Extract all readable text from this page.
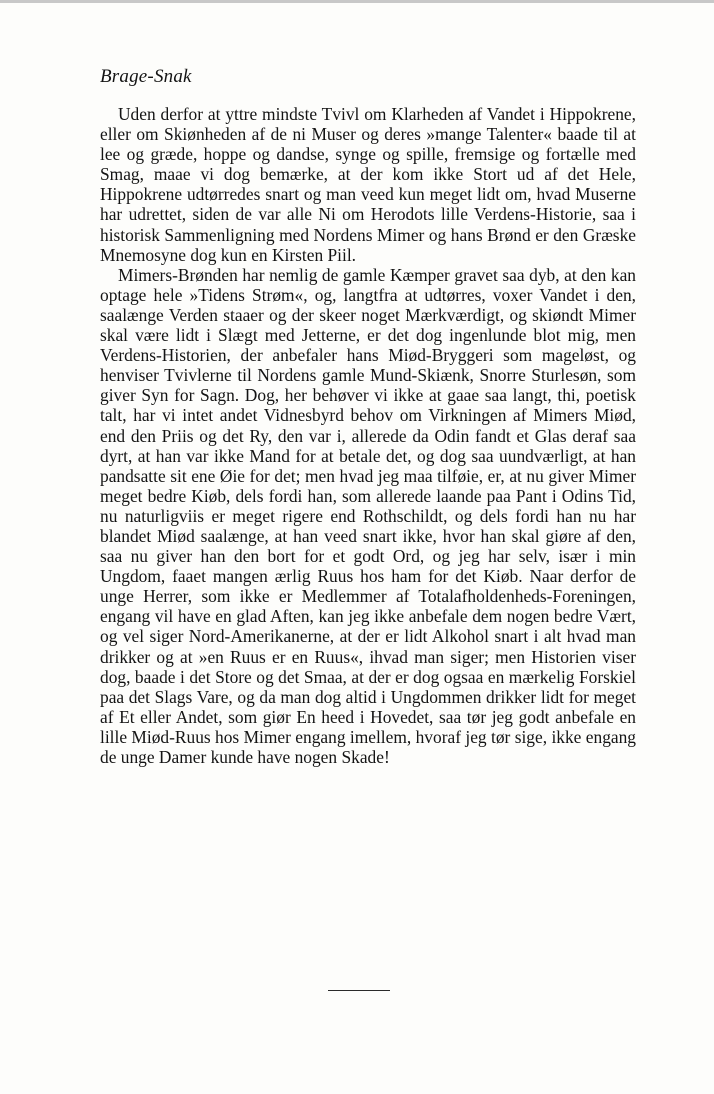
Brage-Snak

Uden derfor at yttre mindste Tvivl om Klarheden af Vandet i Hippokrene, eller om Skiønheden af de ni Muser og deres »mange Talenter« baade til at lee og græde, hoppe og dandse, synge og spille, fremsige og fortælle med Smag, maae vi dog bemærke, at der kom ikke Stort ud af det Hele, Hippokrene udtørredes snart og man veed kun meget lidt om, hvad Muserne har udrettet, siden de var alle Ni om Herodots lille Verdens-Historie, saa i historisk Sammenligning med Nordens Mimer og hans Brønd er den Græske Mnemosyne dog kun en Kirsten Piil.

Mimers-Brønden har nemlig de gamle Kæmper gravet saa dyb, at den kan optage hele »Tidens Strøm«, og, langtfra at udtørres, voxer Vandet i den, saalænge Verden staaer og der skeer noget Mærkværdigt, og skiøndt Mimer skal være lidt i Slægt med Jetterne, er det dog ingenlunde blot mig, men Verdens-Historien, der anbefaler hans Miød-Bryggeri som mageløst, og henviser Tvivlerne til Nordens gamle Mund-Skiænk, Snorre Sturlesøn, som giver Syn for Sagn. Dog, her behøver vi ikke at gaae saa langt, thi, poetisk talt, har vi intet andet Vidnesbyrd behov om Virkningen af Mimers Miød, end den Priis og det Ry, den var i, allerede da Odin fandt et Glas deraf saa dyrt, at han var ikke Mand for at betale det, og dog saa uundværligt, at han pandsatte sit ene Øie for det; men hvad jeg maa tilføie, er, at nu giver Mimer meget bedre Kiøb, dels fordi han, som allerede laande paa Pant i Odins Tid, nu naturligviis er meget rigere end Rothschildt, og dels fordi han nu har blandet Miød saalænge, at han veed snart ikke, hvor han skal giøre af den, saa nu giver han den bort for et godt Ord, og jeg har selv, især i min Ungdom, faaet mangen ærlig Ruus hos ham for det Kiøb. Naar derfor de unge Herrer, som ikke er Medlemmer af Totalafholdenheds-Foreningen, engang vil have en glad Aften, kan jeg ikke anbefale dem nogen bedre Vært, og vel siger Nord-Amerikanerne, at der er lidt Alkohol snart i alt hvad man drikker og at »en Ruus er en Ruus«, ihvad man siger; men Historien viser dog, baade i det Store og det Smaa, at der er dog ogsaa en mærkelig Forskiel paa det Slags Vare, og da man dog altid i Ungdommen drikker lidt for meget af Et eller Andet, som giør En heed i Hovedet, saa tør jeg godt anbefale en lille Miød-Ruus hos Mimer engang imellem, hvoraf jeg tør sige, ikke engang de unge Damer kunde have nogen Skade!
